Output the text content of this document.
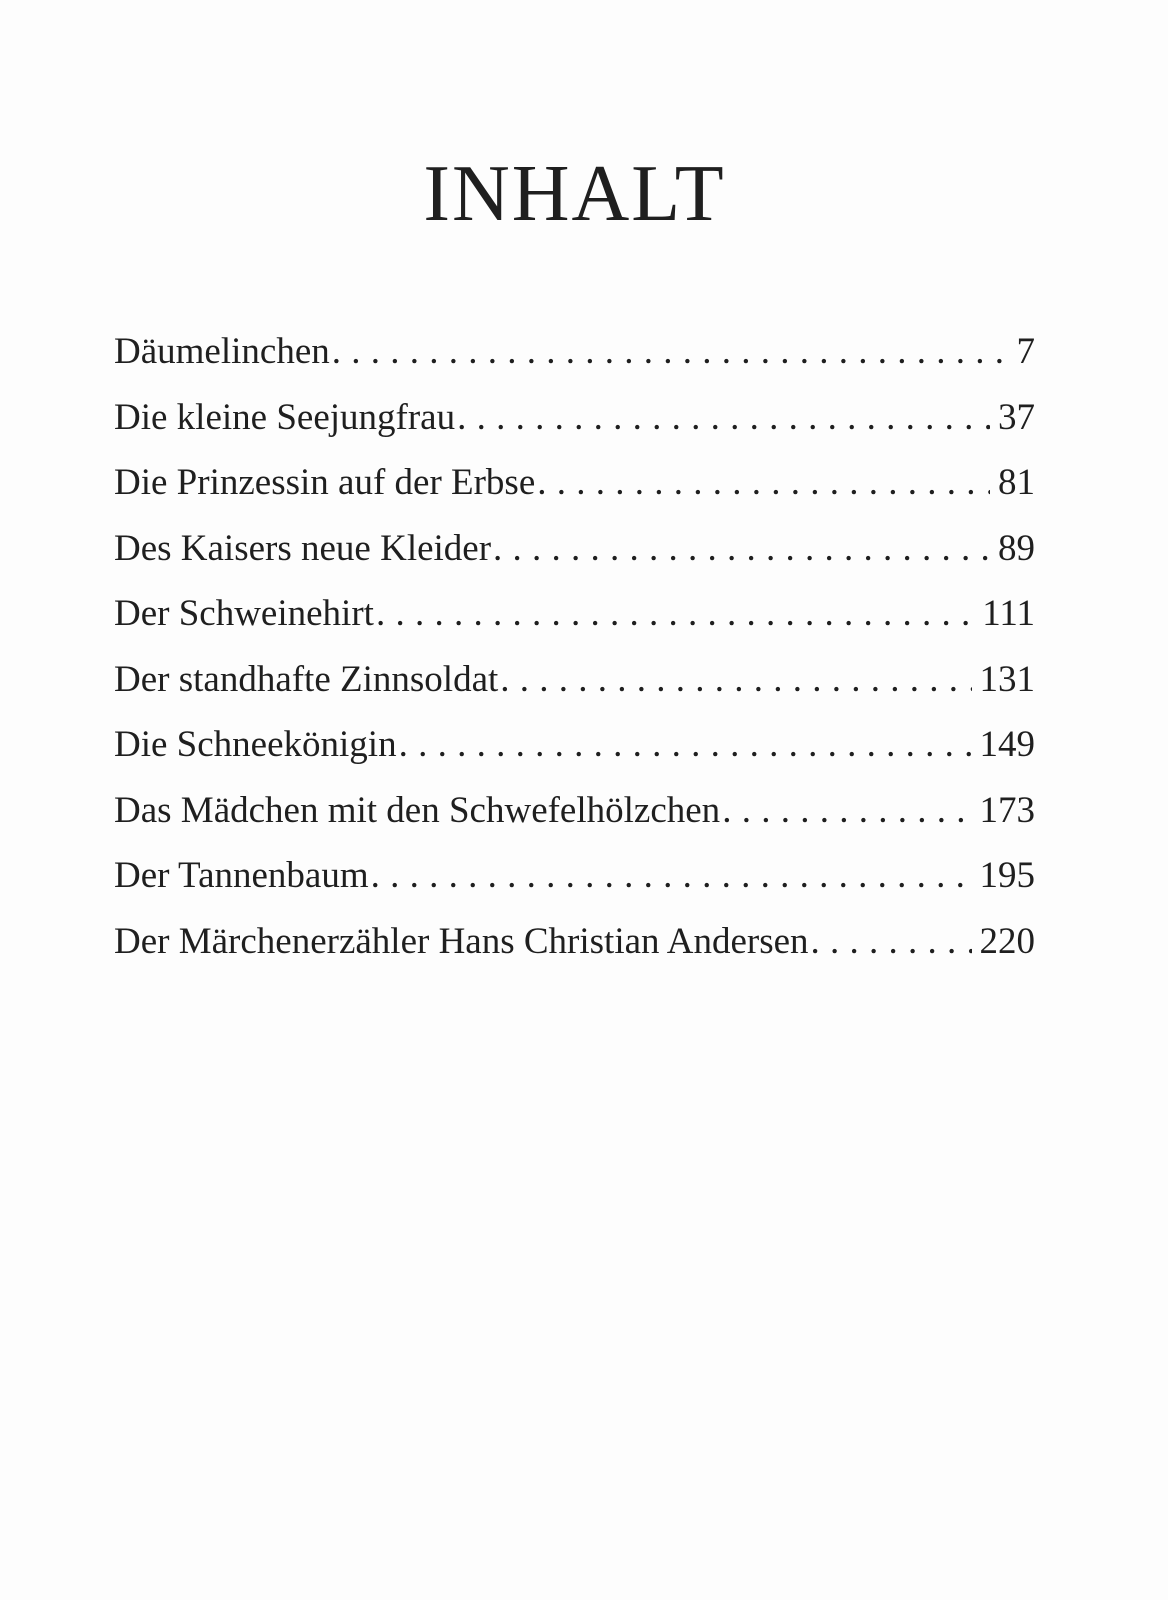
INHALT
Däumelinchen . . .	7
Die kleine Seejungfrau . . .	37
Die Prinzessin auf der Erbse . . .	81
Des Kaisers neue Kleider . . .	89
Der Schweinehirt . . .	111
Der standhafte Zinnsoldat . . .	131
Die Schneekönigin . . .	149
Das Mädchen mit den Schwefelhölzchen . . .	173
Der Tannenbaum . . .	195
Der Märchenerzähler Hans Christian Andersen . . .	220
